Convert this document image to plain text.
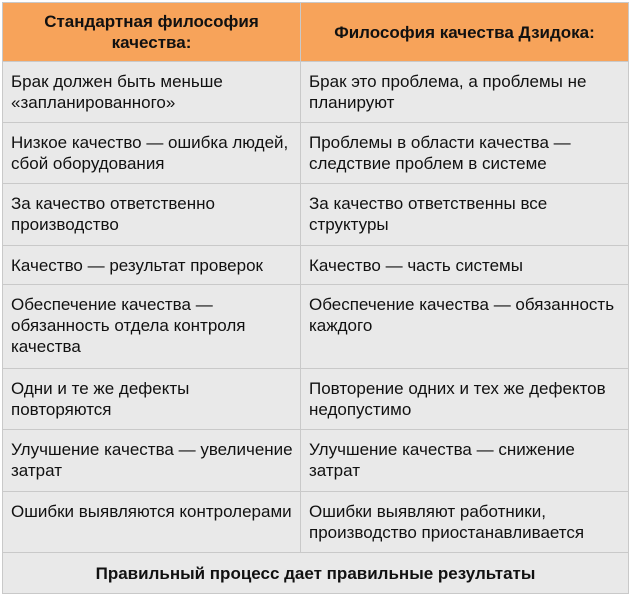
Стандартная философия качества:	Философия качества Дзидока:
Брак должен быть меньше «запланированного»	Брак это проблема, а проблемы не планируют
Низкое качество — ошибка людей, сбой оборудования	Проблемы в области качества — следствие проблем в системе
За качество ответственно производство	За качество ответственны все структуры
Качество — результат проверок	Качество — часть системы
Обеспечение качества — обязанность отдела контроля качества	Обеспечение качества — обязанность каждого
Одни и те же дефекты повторяются	Повторение одних и тех же дефектов недопустимо
Улучшение качества — увеличение затрат	Улучшение качества — снижение затрат
Ошибки выявляются контролерами	Ошибки выявляют работники, производство приостанавливается
Правильный процесс дает правильные результаты	
